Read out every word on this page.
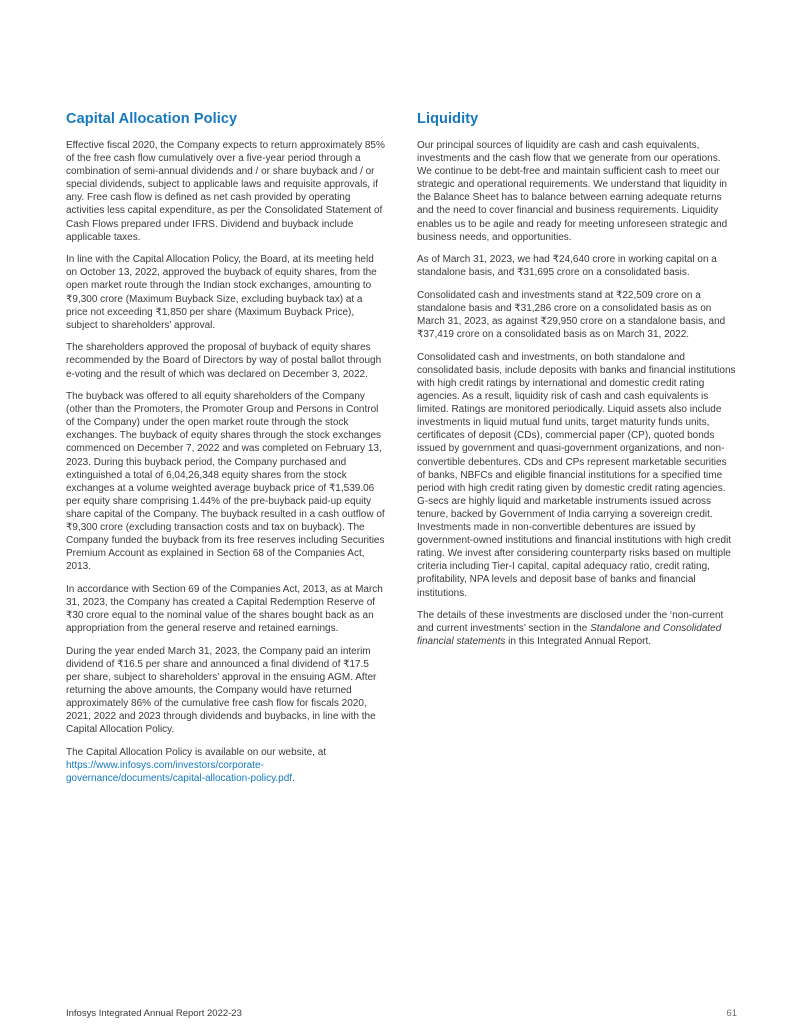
Capital Allocation Policy

Effective fiscal 2020, the Company expects to return approximately 85% of the free cash flow cumulatively over a five-year period through a combination of semi-annual dividends and / or share buyback and / or special dividends, subject to applicable laws and requisite approvals, if any. Free cash flow is defined as net cash provided by operating activities less capital expenditure, as per the Consolidated Statement of Cash Flows prepared under IFRS. Dividend and buyback include applicable taxes.

In line with the Capital Allocation Policy, the Board, at its meeting held on October 13, 2022, approved the buyback of equity shares, from the open market route through the Indian stock exchanges, amounting to ₹9,300 crore (Maximum Buyback Size, excluding buyback tax) at a price not exceeding ₹1,850 per share (Maximum Buyback Price), subject to shareholders’ approval.

The shareholders approved the proposal of buyback of equity shares recommended by the Board of Directors by way of postal ballot through e-voting and the result of which was declared on December 3, 2022.

The buyback was offered to all equity shareholders of the Company (other than the Promoters, the Promoter Group and Persons in Control of the Company) under the open market route through the stock exchanges. The buyback of equity shares through the stock exchanges commenced on December 7, 2022 and was completed on February 13, 2023. During this buyback period, the Company purchased and extinguished a total of 6,04,26,348 equity shares from the stock exchanges at a volume weighted average buyback price of ₹1,539.06 per equity share comprising 1.44% of the pre-buyback paid-up equity share capital of the Company. The buyback resulted in a cash outflow of ₹9,300 crore (excluding transaction costs and tax on buyback). The Company funded the buyback from its free reserves including Securities Premium Account as explained in Section 68 of the Companies Act, 2013.

In accordance with Section 69 of the Companies Act, 2013, as at March 31, 2023, the Company has created a Capital Redemption Reserve of ₹30 crore equal to the nominal value of the shares bought back as an appropriation from the general reserve and retained earnings.

During the year ended March 31, 2023, the Company paid an interim dividend of ₹16.5 per share and announced a final dividend of ₹17.5 per share, subject to shareholders’ approval in the ensuing AGM. After returning the above amounts, the Company would have returned approximately 86% of the cumulative free cash flow for fiscals 2020, 2021, 2022 and 2023 through dividends and buybacks, in line with the Capital Allocation Policy.

The Capital Allocation Policy is available on our website, at https://www.infosys.com/investors/corporate-governance/documents/capital-allocation-policy.pdf.

Liquidity

Our principal sources of liquidity are cash and cash equivalents, investments and the cash flow that we generate from our operations. We continue to be debt-free and maintain sufficient cash to meet our strategic and operational requirements. We understand that liquidity in the Balance Sheet has to balance between earning adequate returns and the need to cover financial and business requirements. Liquidity enables us to be agile and ready for meeting unforeseen strategic and business needs, and opportunities.

As of March 31, 2023, we had ₹24,640 crore in working capital on a standalone basis, and ₹31,695 crore on a consolidated basis.

Consolidated cash and investments stand at ₹22,509 crore on a standalone basis and ₹31,286 crore on a consolidated basis as on March 31, 2023, as against ₹29,950 crore on a standalone basis, and ₹37,419 crore on a consolidated basis as on March 31, 2022.

Consolidated cash and investments, on both standalone and consolidated basis, include deposits with banks and financial institutions with high credit ratings by international and domestic credit rating agencies. As a result, liquidity risk of cash and cash equivalents is limited. Ratings are monitored periodically. Liquid assets also include investments in liquid mutual fund units, target maturity funds units, certificates of deposit (CDs), commercial paper (CP), quoted bonds issued by government and quasi-government organizations, and non-convertible debentures. CDs and CPs represent marketable securities of banks, NBFCs and eligible financial institutions for a specified time period with high credit rating given by domestic credit rating agencies. G-secs are highly liquid and marketable instruments issued across tenure, backed by Government of India carrying a sovereign credit. Investments made in non-convertible debentures are issued by government-owned institutions and financial institutions with high credit rating. We invest after considering counterparty risks based on multiple criteria including Tier-I capital, capital adequacy ratio, credit rating, profitability, NPA levels and deposit base of banks and financial institutions.

The details of these investments are disclosed under the ‘non-current and current investments’ section in the Standalone and Consolidated financial statements in this Integrated Annual Report.

Infosys Integrated Annual Report 2022-23	61
